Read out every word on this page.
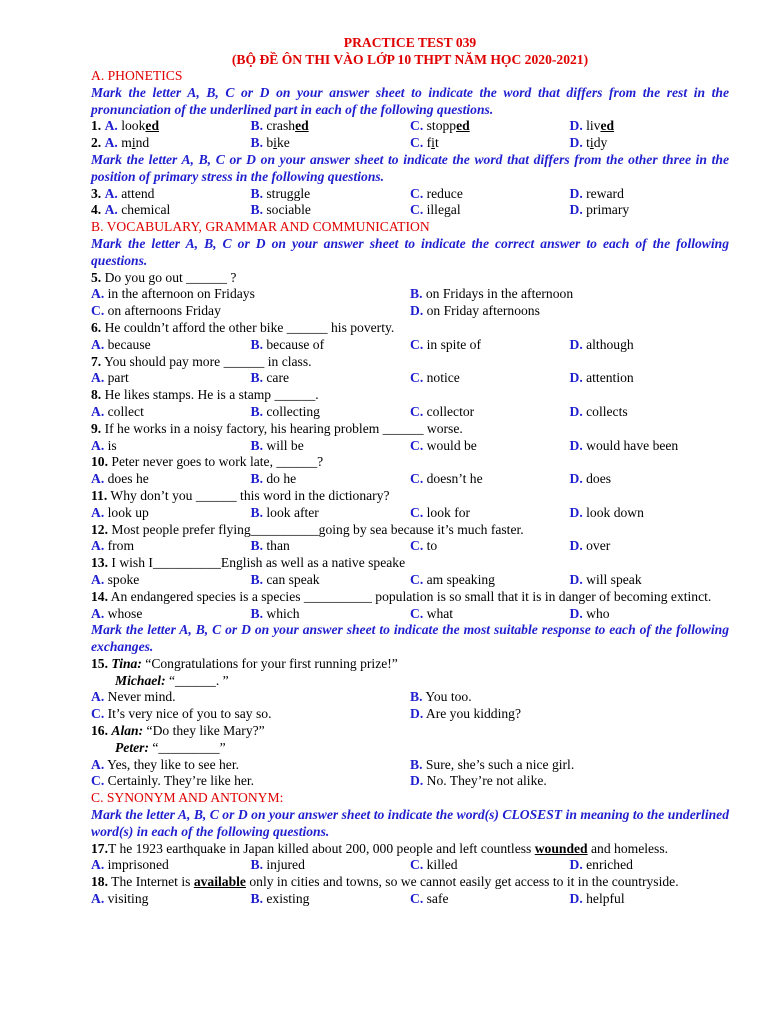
PRACTICE TEST 039
(BỘ ĐỀ ÔN THI VÀO LỚP 10 THPT NĂM HỌC 2020-2021)
A. PHONETICS
Mark the letter A, B, C or D on your answer sheet to indicate the word that differs from the rest in the pronunciation of the underlined part in each of the following questions.
1. A. looked	B. crashed	C. stopped	D. lived
2. A. mind	B. bike	C. fit	D. tidy
Mark the letter A, B, C or D on your answer sheet to indicate the word that differs from the other three in the position of primary stress in the following questions.
3. A. attend	B. struggle	C. reduce	D. reward
4. A. chemical	B. sociable	C. illegal	D. primary
B. VOCABULARY, GRAMMAR AND COMMUNICATION
Mark the letter A, B, C or D on your answer sheet to indicate the correct answer to each of the following questions.
5. Do you go out ______ ?
A. in the afternoon on Fridays	B. on Fridays in the afternoon
C. on afternoons Friday	D. on Friday afternoons
6. He couldn’t afford the other bike ______ his poverty.
A. because	B. because of	C. in spite of	D. although
7. You should pay more ______ in class.
A. part	B. care	C. notice	D. attention
8. He likes stamps. He is a stamp ______.
A. collect	B. collecting	C. collector	D. collects
9. If he works in a noisy factory, his hearing problem ______ worse.
A. is	B. will be	C. would be	D. would have been
10. Peter never goes to work late, ______?
A. does he	B. do he	C. doesn’t he	D. does
11. Why don’t you ______ this word in the dictionary?
A. look up	B. look after	C. look for	D. look down
12. Most people prefer flying__________going by sea because it’s much faster.
A. from	B. than	C. to	D. over
13. I wish I__________English as well as a native speake
A. spoke	B. can speak	C. am speaking	D. will speak
14. An endangered species is a species __________ population is so small that it is in danger of becoming extinct.
A. whose	B. which	C. what	D. who
Mark the letter A, B, C or D on your answer sheet to indicate the most suitable response to each of the following exchanges.
15. Tina: “Congratulations for your first running prize!”
Michael: “______. ”
A. Never mind.	B. You too.
C. It’s very nice of you to say so.	D. Are you kidding?
16. Alan: “Do they like Mary?”
Peter: “_________”
A. Yes, they like to see her.	B. Sure, she’s such a nice girl.
C. Certainly. They’re like her.	D. No. They’re not alike.
C. SYNONYM AND ANTONYM:
Mark the letter A, B, C or D on your answer sheet to indicate the word(s) CLOSEST in meaning to the underlined word(s) in each of the following questions.
17.T he 1923 earthquake in Japan killed about 200, 000 people and left countless wounded and homeless.
A. imprisoned	B. injured	C. killed	D. enriched
18. The Internet is available only in cities and towns, so we cannot easily get access to it in the countryside.
A. visiting	B. existing	C. safe	D. helpful
